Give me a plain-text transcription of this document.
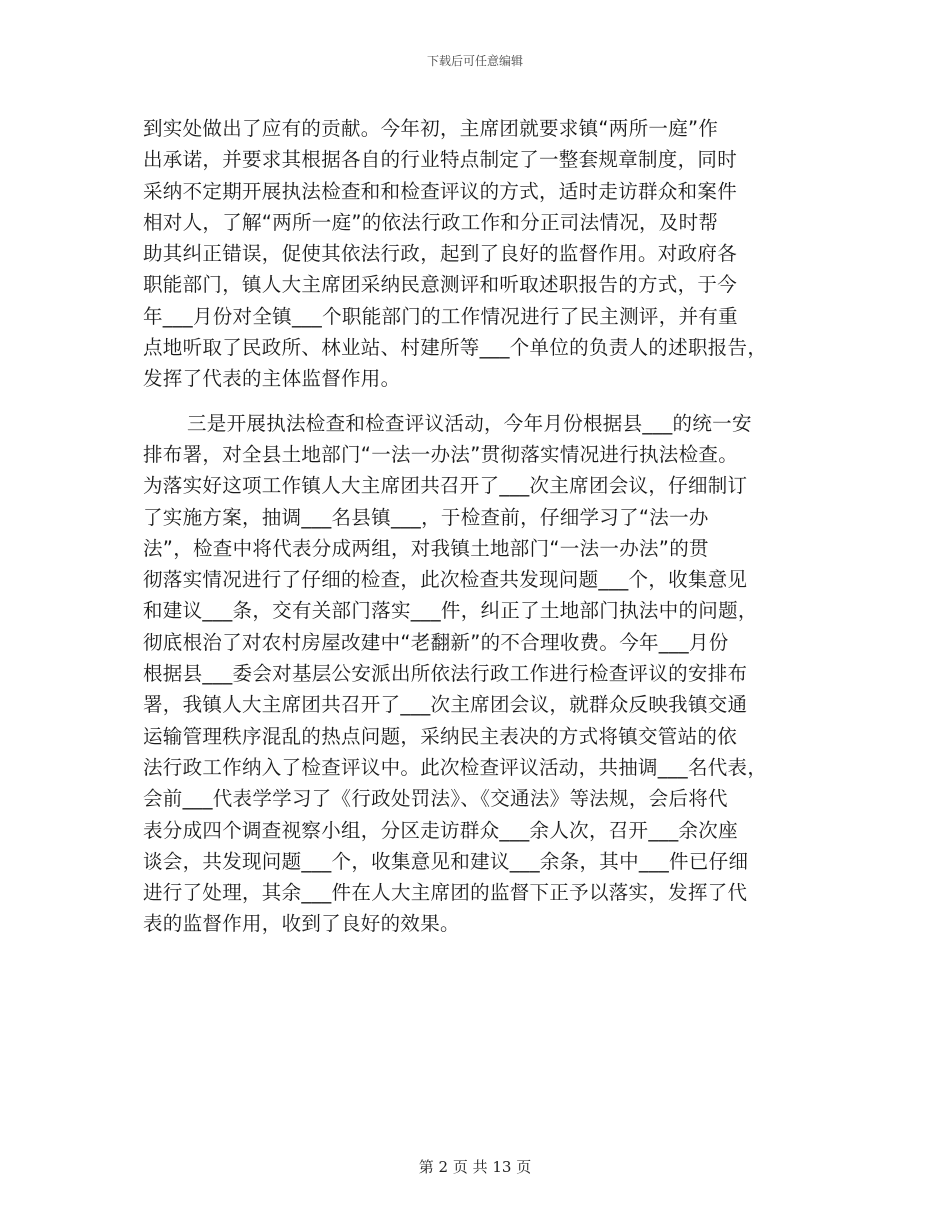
下载后可任意编辑
到实处做出了应有的贡献。今年初，主席团就要求镇“两所一庭”作
出承诺，并要求其根据各自的行业特点制定了一整套规章制度，同时
采纳不定期开展执法检查和和检查评议的方式，适时走访群众和案件
相对人，了解“两所一庭”的依法行政工作和分正司法情况，及时帮
助其纠正错误，促使其依法行政，起到了良好的监督作用。对政府各
职能部门，镇人大主席团采纳民意测评和听取述职报告的方式，于今
年___月份对全镇___个职能部门的工作情况进行了民主测评，并有重
点地听取了民政所、林业站、村建所等___个单位的负责人的述职报告，
发挥了代表的主体监督作用。
三是开展执法检查和检查评议活动，今年月份根据县___的统一安
排布署，对全县土地部门“一法一办法”贯彻落实情况进行执法检查。
为落实好这项工作镇人大主席团共召开了___次主席团会议，仔细制订
了实施方案，抽调___名县镇___，于检查前，仔细学习了“法一办
法”，检查中将代表分成两组，对我镇土地部门“一法一办法”的贯
彻落实情况进行了仔细的检查，此次检查共发现问题___个，收集意见
和建议___条，交有关部门落实___件，纠正了土地部门执法中的问题，
彻底根治了对农村房屋改建中“老翻新”的不合理收费。今年___月份
根据县___委会对基层公安派出所依法行政工作进行检查评议的安排布
署，我镇人大主席团共召开了___次主席团会议，就群众反映我镇交通
运输管理秩序混乱的热点问题，采纳民主表决的方式将镇交管站的依
法行政工作纳入了检查评议中。此次检查评议活动，共抽调___名代表，
会前___代表学学习了《行政处罚法》、《交通法》等法规，会后将代
表分成四个调查视察小组，分区走访群众___余人次，召开___余次座
谈会，共发现问题___个，收集意见和建议___余条，其中___件已仔细
进行了处理，其余___件在人大主席团的监督下正予以落实，发挥了代
表的监督作用，收到了良好的效果。
第 2 页 共 13 页
